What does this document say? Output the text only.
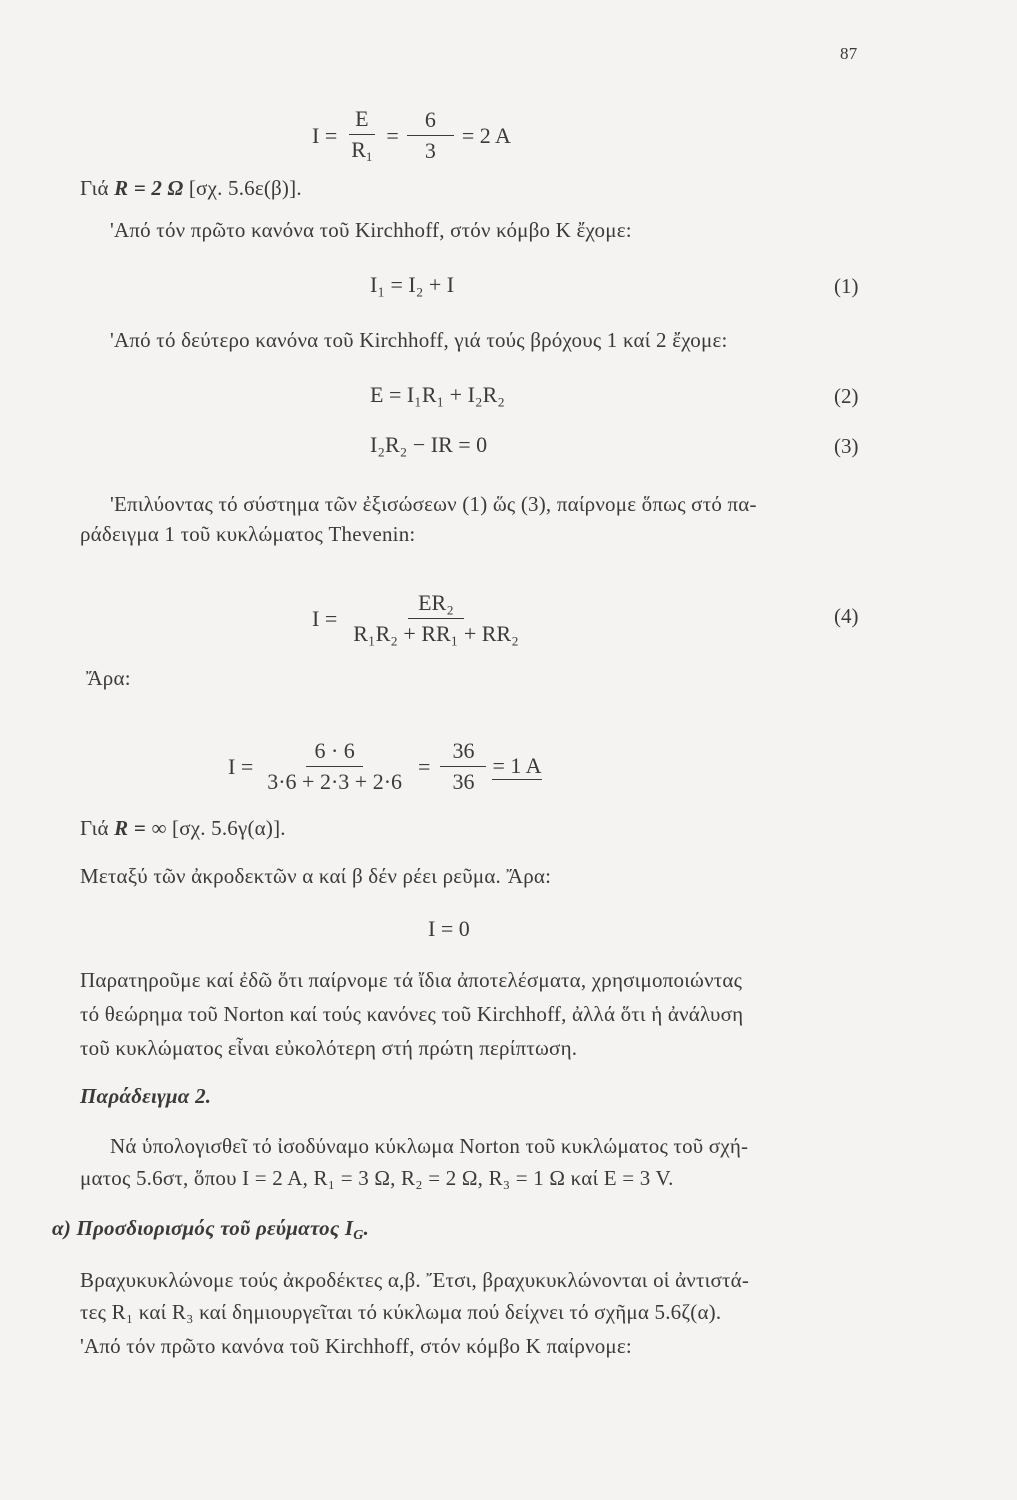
87
$I = \frac{E}{R_1} = \frac{6}{3} = 2$ A
Γιά R = 2 Ω [σχ. 5.6ε(β)].
'Από τόν πρῶτο κανόνα τοῦ Kirchhoff, στόν κόμβο Κ ἔχομε:
I₁ = I₂ + I	(1)
'Από τό δεύτερο κανόνα τοῦ Kirchhoff, γιά τούς βρόχους 1 καί 2 ἔχομε:
E = I₁R₁ + I₂R₂	(2)
I₂R₂ − IR = 0	(3)
'Επιλύοντας τό σύστημα τῶν ἐξισώσεων (1) ὥς (3), παίρνομε ὅπως στό πα-
ράδειγμα 1 τοῦ κυκλώματος Thevenin:
$I = \frac{\text{ER₂}}{\text{R₁R₂ + RR₁ + RR₂}}$	(4)
Ἄρα:
$I = \frac{6 \cdot 6}{3\cdot 6 + 2\cdot 3 + 2\cdot 6} = \frac{36}{36} = 1$ A
Γιά R = ∞ [σχ. 5.6γ(α)].
Μεταξύ τῶν ἀκροδεκτῶν α καί β δέν ρέει ρεῦμα. Ἄρα:
I = 0
Παρατηροῦμε καί ἐδῶ ὅτι παίρνομε τά ἴδια ἀποτελέσματα, χρησιμοποιώντας
τό θεώρημα τοῦ Norton καί τούς κανόνες τοῦ Kirchhoff, ἀλλά ὅτι ἡ ἀνάλυση
τοῦ κυκλώματος εἶναι εὐκολότερη στή πρώτη περίπτωση.
Παράδειγμα 2.
Νά ὑπολογισθεῖ τό ἰσοδύναμο κύκλωμα Norton τοῦ κυκλώματος τοῦ σχή-
ματος 5.6στ, ὅπου I = 2 A, R₁ = 3 Ω, R₂ = 2 Ω, R₃ = 1 Ω καί E = 3 V.
α) Προσδιορισμός τοῦ ρεύματος $I_G$.
Βραχυκυκλώνομε τούς ἀκροδέκτες α,β. Ἔτσι, βραχυκυκλώνονται οἱ ἀντιστά-
τες R₁ καί R₃ καί δημιουργεῖται τό κύκλωμα πού δείχνει τό σχῆμα 5.6ζ(α).
'Από τόν πρῶτο κανόνα τοῦ Kirchhoff, στόν κόμβο Κ παίρνομε:
